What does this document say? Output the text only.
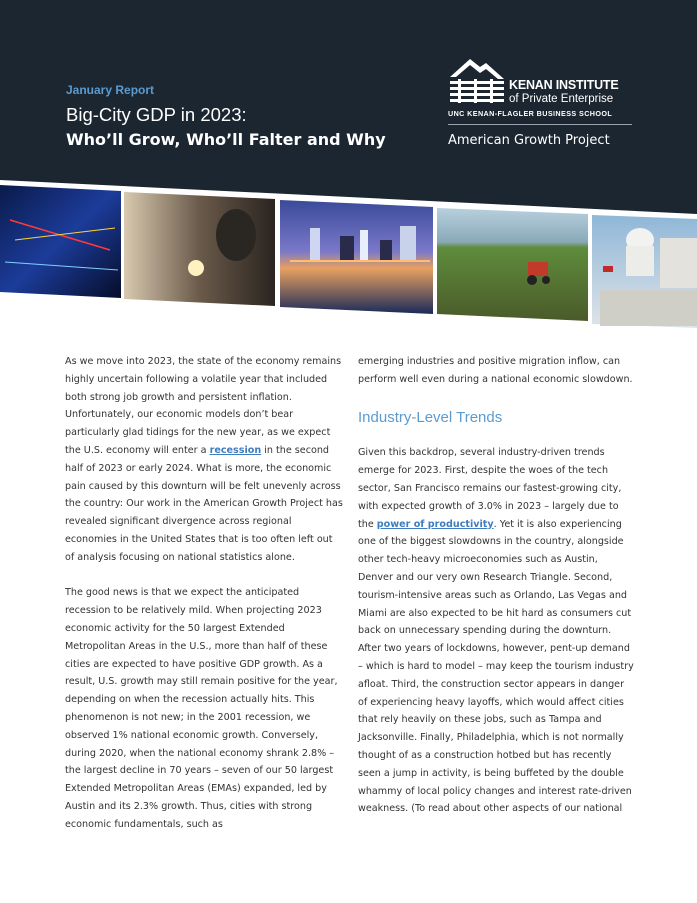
January Report
Big-City GDP in 2023:
Who’ll Grow, Who’ll Falter and Why
KENAN INSTITUTE
of Private Enterprise
UNC KENAN-FLAGLER BUSINESS SCHOOL
American Growth Project

As we move into 2023, the state of the economy remains highly uncertain following a volatile year that included both strong job growth and persistent inflation. Unfortunately, our economic models don’t bear particularly glad tidings for the new year, as we expect the U.S. economy will enter a recession in the second half of 2023 or early 2024. What is more, the economic pain caused by this downturn will be felt unevenly across the country: Our work in the American Growth Project has revealed significant divergence across regional economies in the United States that is too often left out of analysis focusing on national statistics alone.

The good news is that we expect the anticipated recession to be relatively mild. When projecting 2023 economic activity for the 50 largest Extended Metropolitan Areas in the U.S., more than half of these cities are expected to have positive GDP growth. As a result, U.S. growth may still remain positive for the year, depending on when the recession actually hits. This phenomenon is not new; in the 2001 recession, we observed 1% national economic growth. Conversely, during 2020, when the national economy shrank 2.8% – the largest decline in 70 years – seven of our 50 largest Extended Metropolitan Areas (EMAs) expanded, led by Austin and its 2.3% growth. Thus, cities with strong economic fundamentals, such as

emerging industries and positive migration inflow, can perform well even during a national economic slowdown.

Industry-Level Trends

Given this backdrop, several industry-driven trends emerge for 2023. First, despite the woes of the tech sector, San Francisco remains our fastest-growing city, with expected growth of 3.0% in 2023 – largely due to the power of productivity. Yet it is also experiencing one of the biggest slowdowns in the country, alongside other tech-heavy microeconomies such as Austin, Denver and our very own Research Triangle. Second, tourism-intensive areas such as Orlando, Las Vegas and Miami are also expected to be hit hard as consumers cut back on unnecessary spending during the downturn. After two years of lockdowns, however, pent-up demand – which is hard to model – may keep the tourism industry afloat. Third, the construction sector appears in danger of experiencing heavy layoffs, which would affect cities that rely heavily on these jobs, such as Tampa and Jacksonville. Finally, Philadelphia, which is not normally thought of as a construction hotbed but has recently seen a jump in activity, is being buffeted by the double whammy of local policy changes and interest rate-driven weakness. (To read about other aspects of our national
